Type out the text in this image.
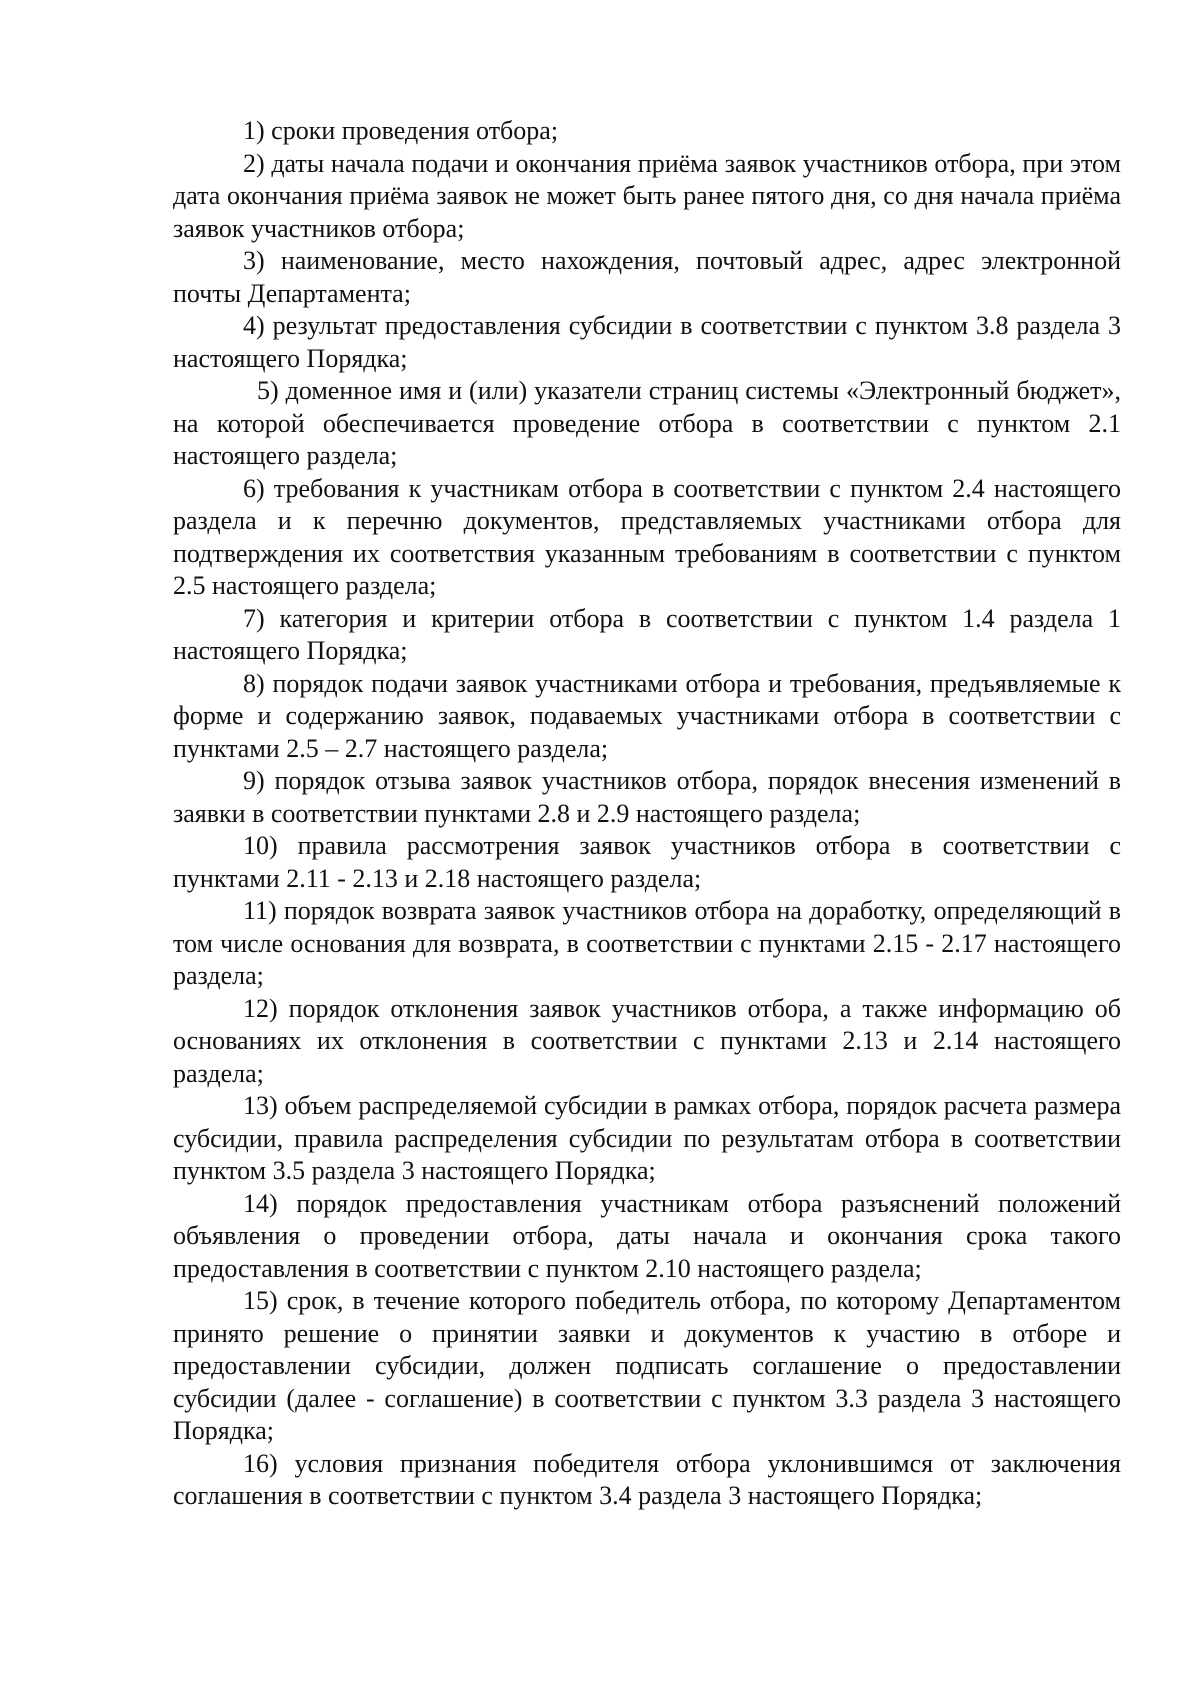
1) сроки проведения отбора;

2) даты начала подачи и окончания приёма заявок участников отбора, при этом дата окончания приёма заявок не может быть ранее пятого дня, со дня начала приёма заявок участников отбора;

3) наименование, место нахождения, почтовый адрес, адрес электронной почты Департамента;

4) результат предоставления субсидии в соответствии с пунктом 3.8 раздела 3 настоящего Порядка;

5) доменное имя и (или) указатели страниц системы «Электронный бюджет», на которой обеспечивается проведение отбора в соответствии с пунктом 2.1 настоящего раздела;

6) требования к участникам отбора в соответствии с пунктом 2.4 настоящего раздела и к перечню документов, представляемых участниками отбора для подтверждения их соответствия указанным требованиям в соответствии с пунктом 2.5 настоящего раздела;

7) категория и критерии отбора в соответствии с пунктом 1.4 раздела 1 настоящего Порядка;

8) порядок подачи заявок участниками отбора и требования, предъявляемые к форме и содержанию заявок, подаваемых участниками отбора в соответствии с пунктами 2.5 – 2.7 настоящего раздела;

9) порядок отзыва заявок участников отбора, порядок внесения изменений в заявки в соответствии пунктами 2.8 и 2.9 настоящего раздела;

10) правила рассмотрения заявок участников отбора в соответствии с пунктами 2.11 - 2.13 и 2.18 настоящего раздела;

11) порядок возврата заявок участников отбора на доработку, определяющий в том числе основания для возврата, в соответствии с пунктами 2.15 - 2.17 настоящего раздела;

12) порядок отклонения заявок участников отбора, а также информацию об основаниях их отклонения в соответствии с пунктами 2.13 и 2.14 настоящего раздела;

13) объем распределяемой субсидии в рамках отбора, порядок расчета размера субсидии, правила распределения субсидии по результатам отбора в соответствии пунктом 3.5 раздела 3 настоящего Порядка;

14) порядок предоставления участникам отбора разъяснений положений объявления о проведении отбора, даты начала и окончания срока такого предоставления в соответствии с пунктом 2.10 настоящего раздела;

15) срок, в течение которого победитель отбора, по которому Департаментом принято решение о принятии заявки и документов к участию в отборе и предоставлении субсидии, должен подписать соглашение о предоставлении субсидии (далее - соглашение) в соответствии с пунктом 3.3 раздела 3 настоящего Порядка;

16) условия признания победителя отбора уклонившимся от заключения соглашения в соответствии с пунктом 3.4 раздела 3 настоящего Порядка;
